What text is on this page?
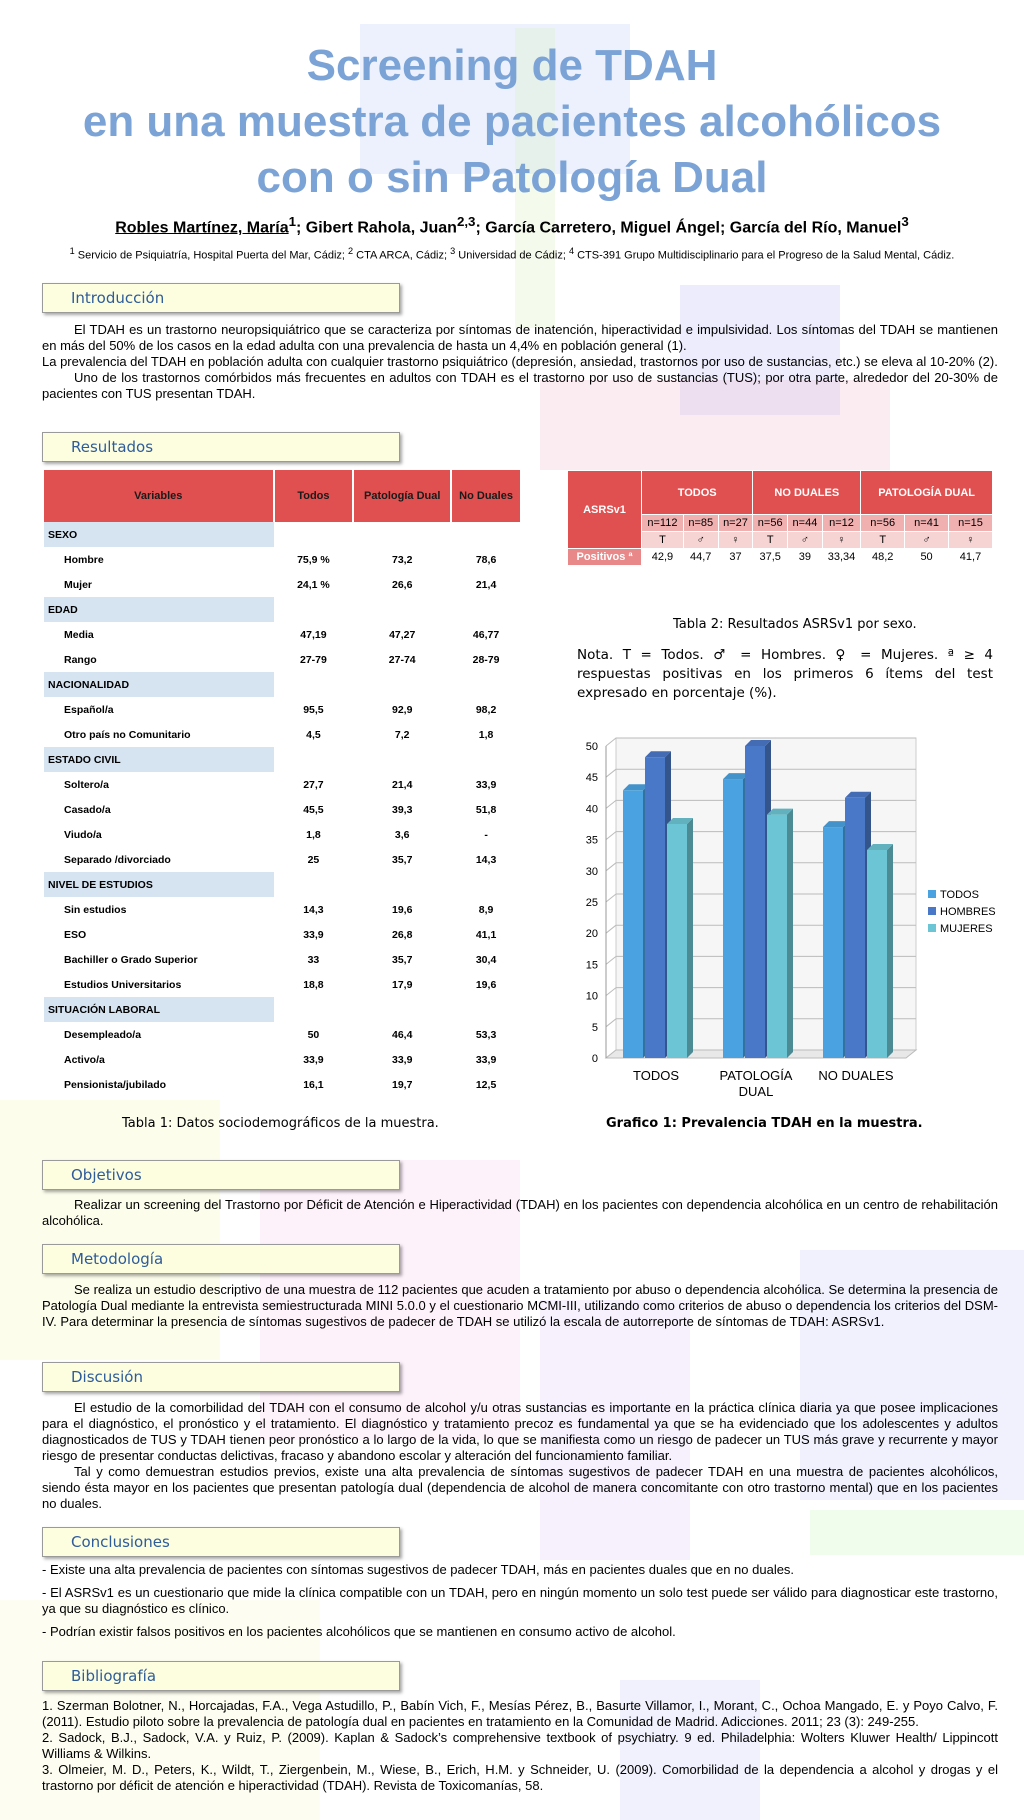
Screening de TDAH
en una muestra de pacientes alcohólicos
con o sin Patología Dual
Robles Martínez, María$^1$; Gibert Rahola, Juan$^{2,3}$; García Carretero, Miguel Ángel; García del Río, Manuel$^3$
$^1$ Servicio de Psiquiatría, Hospital Puerta del Mar, Cádiz; $^2$ CTA ARCA, Cádiz; $^3$ Universidad de Cádiz; $^4$ CTS-391 Grupo Multidisciplinario para el Progreso de la Salud Mental, Cádiz.
Introducción

El TDAH es un trastorno neuropsiquiátrico que se caracteriza por síntomas de inatención, hiperactividad e impulsividad. Los síntomas del TDAH se mantienen en más del 50% de los casos en la edad adulta con una prevalencia de hasta un 4,4% en población general (1).

La prevalencia del TDAH en población adulta con cualquier trastorno psiquiátrico (depresión, ansiedad, trastornos por uso de sustancias, etc.) se eleva al 10-20% (2).

Uno de los trastornos comórbidos más frecuentes en adultos con TDAH es el trastorno por uso de sustancias (TUS); por otra parte, alrededor del 20-30% de pacientes con TUS presentan TDAH.

Resultados
Variables	Todos	Patología Dual	No Duales
SEXO			
Hombre	75,9 %	73,2	78,6
Mujer	24,1 %	26,6	21,4
EDAD			
Media	47,19	47,27	46,77
Rango	27-79	27-74	28-79
NACIONALIDAD			
Español/a	95,5	92,9	98,2
Otro país no Comunitario	4,5	7,2	1,8
ESTADO CIVIL			
Soltero/a	27,7	21,4	33,9
Casado/a	45,5	39,3	51,8
Viudo/a	1,8	3,6	-
Separado /divorciado	25	35,7	14,3
NIVEL DE ESTUDIOS			
Sin estudios	14,3	19,6	8,9
ESO	33,9	26,8	41,1
Bachiller o Grado Superior	33	35,7	30,4
Estudios Universitarios	18,8	17,9	19,6
SITUACIÓN LABORAL			
Desempleado/a	50	46,4	53,3
Activo/a	33,9	33,9	33,9
Pensionista/jubilado	16,1	19,7	12,5
Tabla 1: Datos sociodemográficos de la muestra.
ASRSv1	TODOS			NO DUALES			PATOLOGÍA DUAL		
	n=112	n=85	n=27	n=56	n=44	n=12	n=56	n=41	n=15
	T	♂	♀	T	♂	♀	T	♂	♀
Positivos ª	42,9	44,7	37	37,5	39	33,34	48,2	50	41,7
Tabla 2: Resultados ASRSv1 por sexo.
Nota. T = Todos. ♂ = Hombres. ♀ = Mujeres. ª ≥ 4 respuestas positivas en los primeros 6 ítems del test expresado en porcentaje (%).
0
5
10
15
20
25
30
35
40
45
50
TODOS	PATOLOGÍA
DUAL
NO DUALES
TODOS
HOMBRES
MUJERES
Grafico 1: Prevalencia TDAH en la muestra.
Objetivos

Realizar un screening del Trastorno por Déficit de Atención e Hiperactividad (TDAH) en los pacientes con dependencia alcohólica en un centro de rehabilitación alcohólica.

Metodología

Se realiza un estudio descriptivo de una muestra de 112 pacientes que acuden a tratamiento por abuso o dependencia alcohólica. Se determina la presencia de Patología Dual mediante la entrevista semiestructurada MINI 5.0.0 y el cuestionario MCMI-III, utilizando como criterios de abuso o dependencia los criterios del DSM-IV. Para determinar la presencia de síntomas sugestivos de padecer de TDAH se utilizó la escala de autorreporte de síntomas de TDAH: ASRSv1.

Discusión

El estudio de la comorbilidad del TDAH con el consumo de alcohol y/u otras sustancias es importante en la práctica clínica diaria ya que posee implicaciones para el diagnóstico, el pronóstico y el tratamiento. El diagnóstico y tratamiento precoz es fundamental ya que se ha evidenciado que los adolescentes y adultos diagnosticados de TUS y TDAH tienen peor pronóstico a lo largo de la vida, lo que se manifiesta como un riesgo de padecer un TUS más grave y recurrente y mayor riesgo de presentar conductas delictivas, fracaso y abandono escolar y alteración del funcionamiento familiar.

Tal y como demuestran estudios previos, existe una alta prevalencia de síntomas sugestivos de padecer TDAH en una muestra de pacientes alcohólicos, siendo ésta mayor en los pacientes que presentan patología dual (dependencia de alcohol de manera concomitante con otro trastorno mental) que en los pacientes no duales.

Conclusiones
- Existe una alta prevalencia de pacientes con síntomas sugestivos de padecer TDAH, más en pacientes duales que en no duales.
- El ASRSv1 es un cuestionario que mide la clínica compatible con un TDAH, pero en ningún momento un solo test puede ser válido para diagnosticar este trastorno, ya que su diagnóstico es clínico.
- Podrían existir falsos positivos en los pacientes alcohólicos que se mantienen en consumo activo de alcohol.
Bibliografía

1. Szerman Bolotner, N., Horcajadas, F.A., Vega Astudillo, P., Babín Vich, F., Mesías Pérez, B., Basurte Villamor, I., Morant, C., Ochoa Mangado, E. y Poyo Calvo, F. (2011). Estudio piloto sobre la prevalencia de patología dual en pacientes en tratamiento en la Comunidad de Madrid. Adicciones. 2011; 23 (3): 249-255.

2. Sadock, B.J., Sadock, V.A. y Ruiz, P. (2009). Kaplan & Sadock’s comprehensive textbook of psychiatry. 9 ed. Philadelphia: Wolters Kluwer Health/ Lippincott Williams & Wilkins.

3. Olmeier, M. D., Peters, K., Wildt, T., Ziergenbein, M., Wiese, B., Erich, H.M. y Schneider, U. (2009). Comorbilidad de la dependencia a alcohol y drogas y el trastorno por déficit de atención e hiperactividad (TDAH). Revista de Toxicomanías, 58.
